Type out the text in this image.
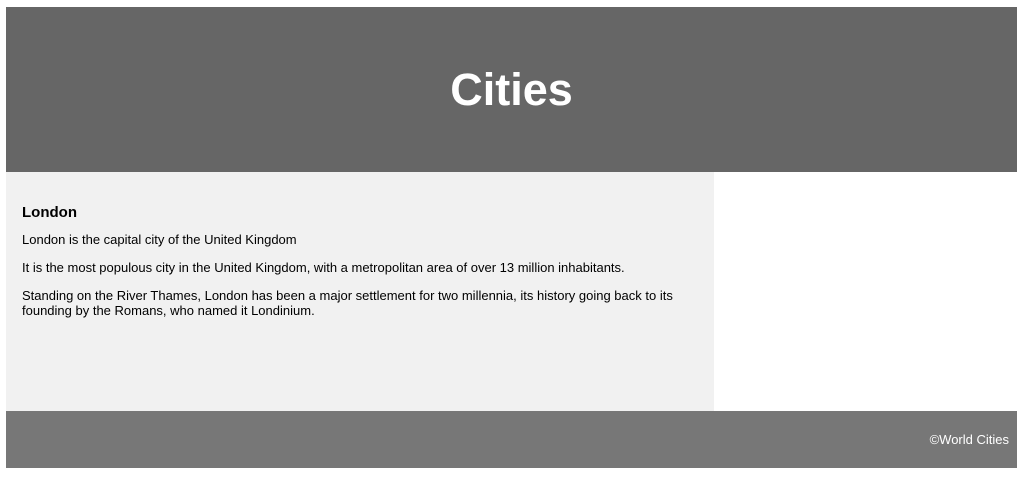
Cities
London

London is the capital city of the United Kingdom

It is the most populous city in the United Kingdom, with a metropolitan area of over 13 million inhabitants.

Standing on the River Thames, London has been a major settlement for two millennia, its history going back to its founding by the Romans, who named it Londinium.

©World Cities
